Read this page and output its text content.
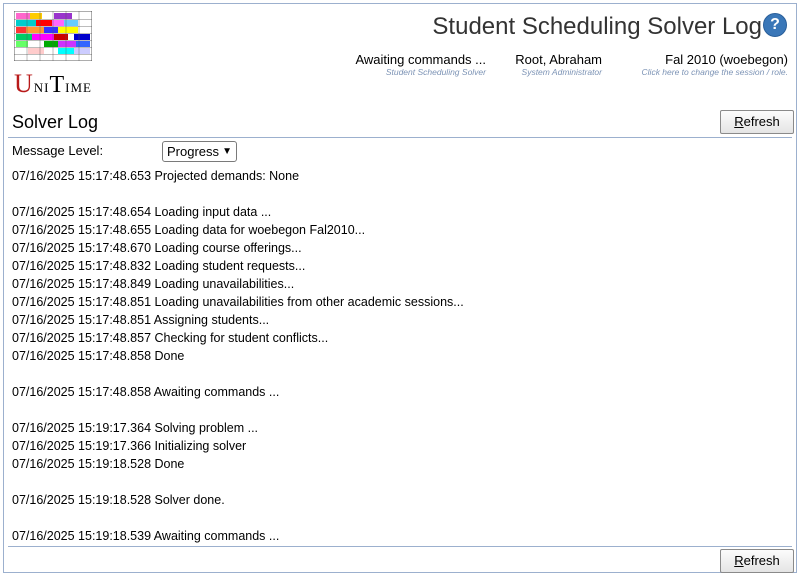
UniTime
Student Scheduling Solver Log ?
Awaiting commands ...
Student Scheduling Solver
Root, Abraham
System Administrator
Fal 2010 (woebegon)
Click here to change the session / role.
Solver Log	Refresh
Message Level:	Progress ▼
07/16/2025 15:17:48.653 Projected demands: None
07/16/2025 15:17:48.654 Loading input data ...
07/16/2025 15:17:48.655 Loading data for woebegon Fal2010...
07/16/2025 15:17:48.670 Loading course offerings...
07/16/2025 15:17:48.832 Loading student requests...
07/16/2025 15:17:48.849 Loading unavailabilities...
07/16/2025 15:17:48.851 Loading unavailabilities from other academic sessions...
07/16/2025 15:17:48.851 Assigning students...
07/16/2025 15:17:48.857 Checking for student conflicts...
07/16/2025 15:17:48.858 Done
07/16/2025 15:17:48.858 Awaiting commands ...
07/16/2025 15:19:17.364 Solving problem ...
07/16/2025 15:19:17.366 Initializing solver
07/16/2025 15:19:18.528 Done
07/16/2025 15:19:18.528 Solver done.
07/16/2025 15:19:18.539 Awaiting commands ...
Refresh
